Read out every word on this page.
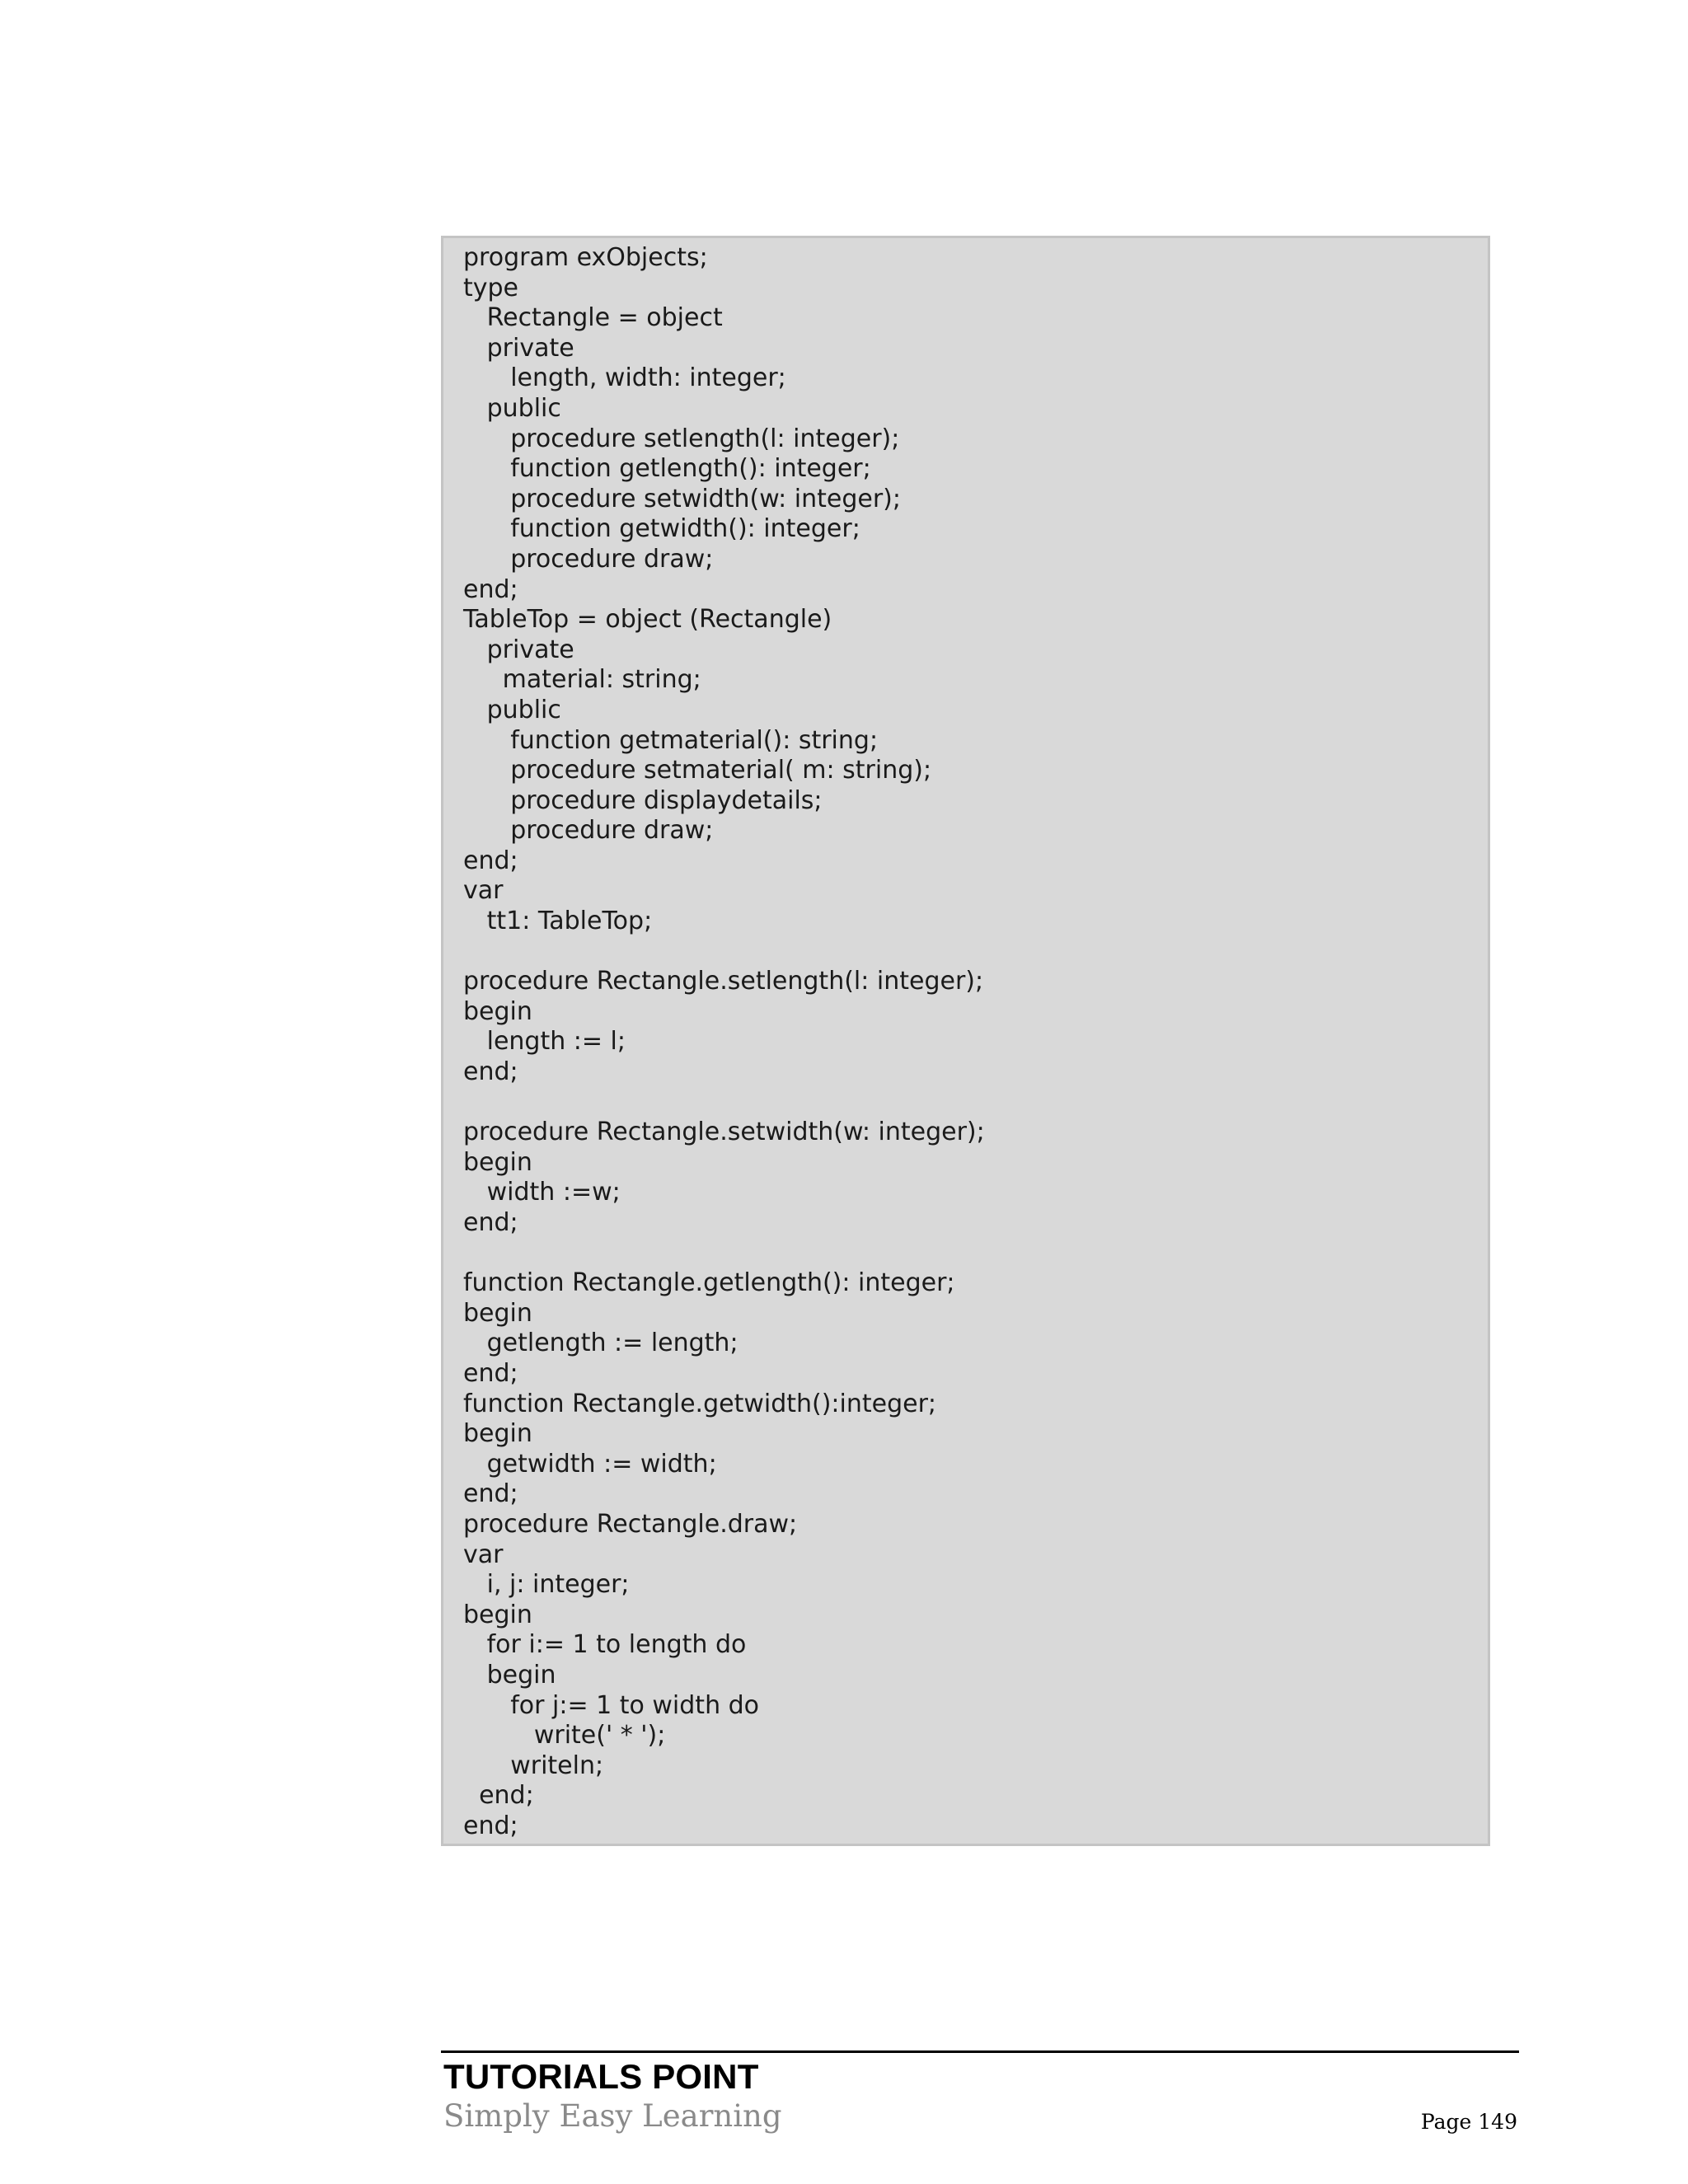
program exObjects;
type
Rectangle = object
private
length, width: integer;
public
procedure setlength(l: integer);
function getlength(): integer;
procedure setwidth(w: integer);
function getwidth(): integer;
procedure draw;
end;
TableTop = object (Rectangle)
private
material: string;
public
function getmaterial(): string;
procedure setmaterial( m: string);
procedure displaydetails;
procedure draw;
end;
var
tt1: TableTop;
procedure Rectangle.setlength(l: integer);
begin
length := l;
end;
procedure Rectangle.setwidth(w: integer);
begin
width :=w;
end;
function Rectangle.getlength(): integer;
begin
getlength := length;
end;
function Rectangle.getwidth():integer;
begin
getwidth := width;
end;
procedure Rectangle.draw;
var
i, j: integer;
begin
for i:= 1 to length do
begin
for j:= 1 to width do
write(' * ');
writeln;
end;
end;
TUTORIALS POINT
Simply Easy Learning	Page 149
